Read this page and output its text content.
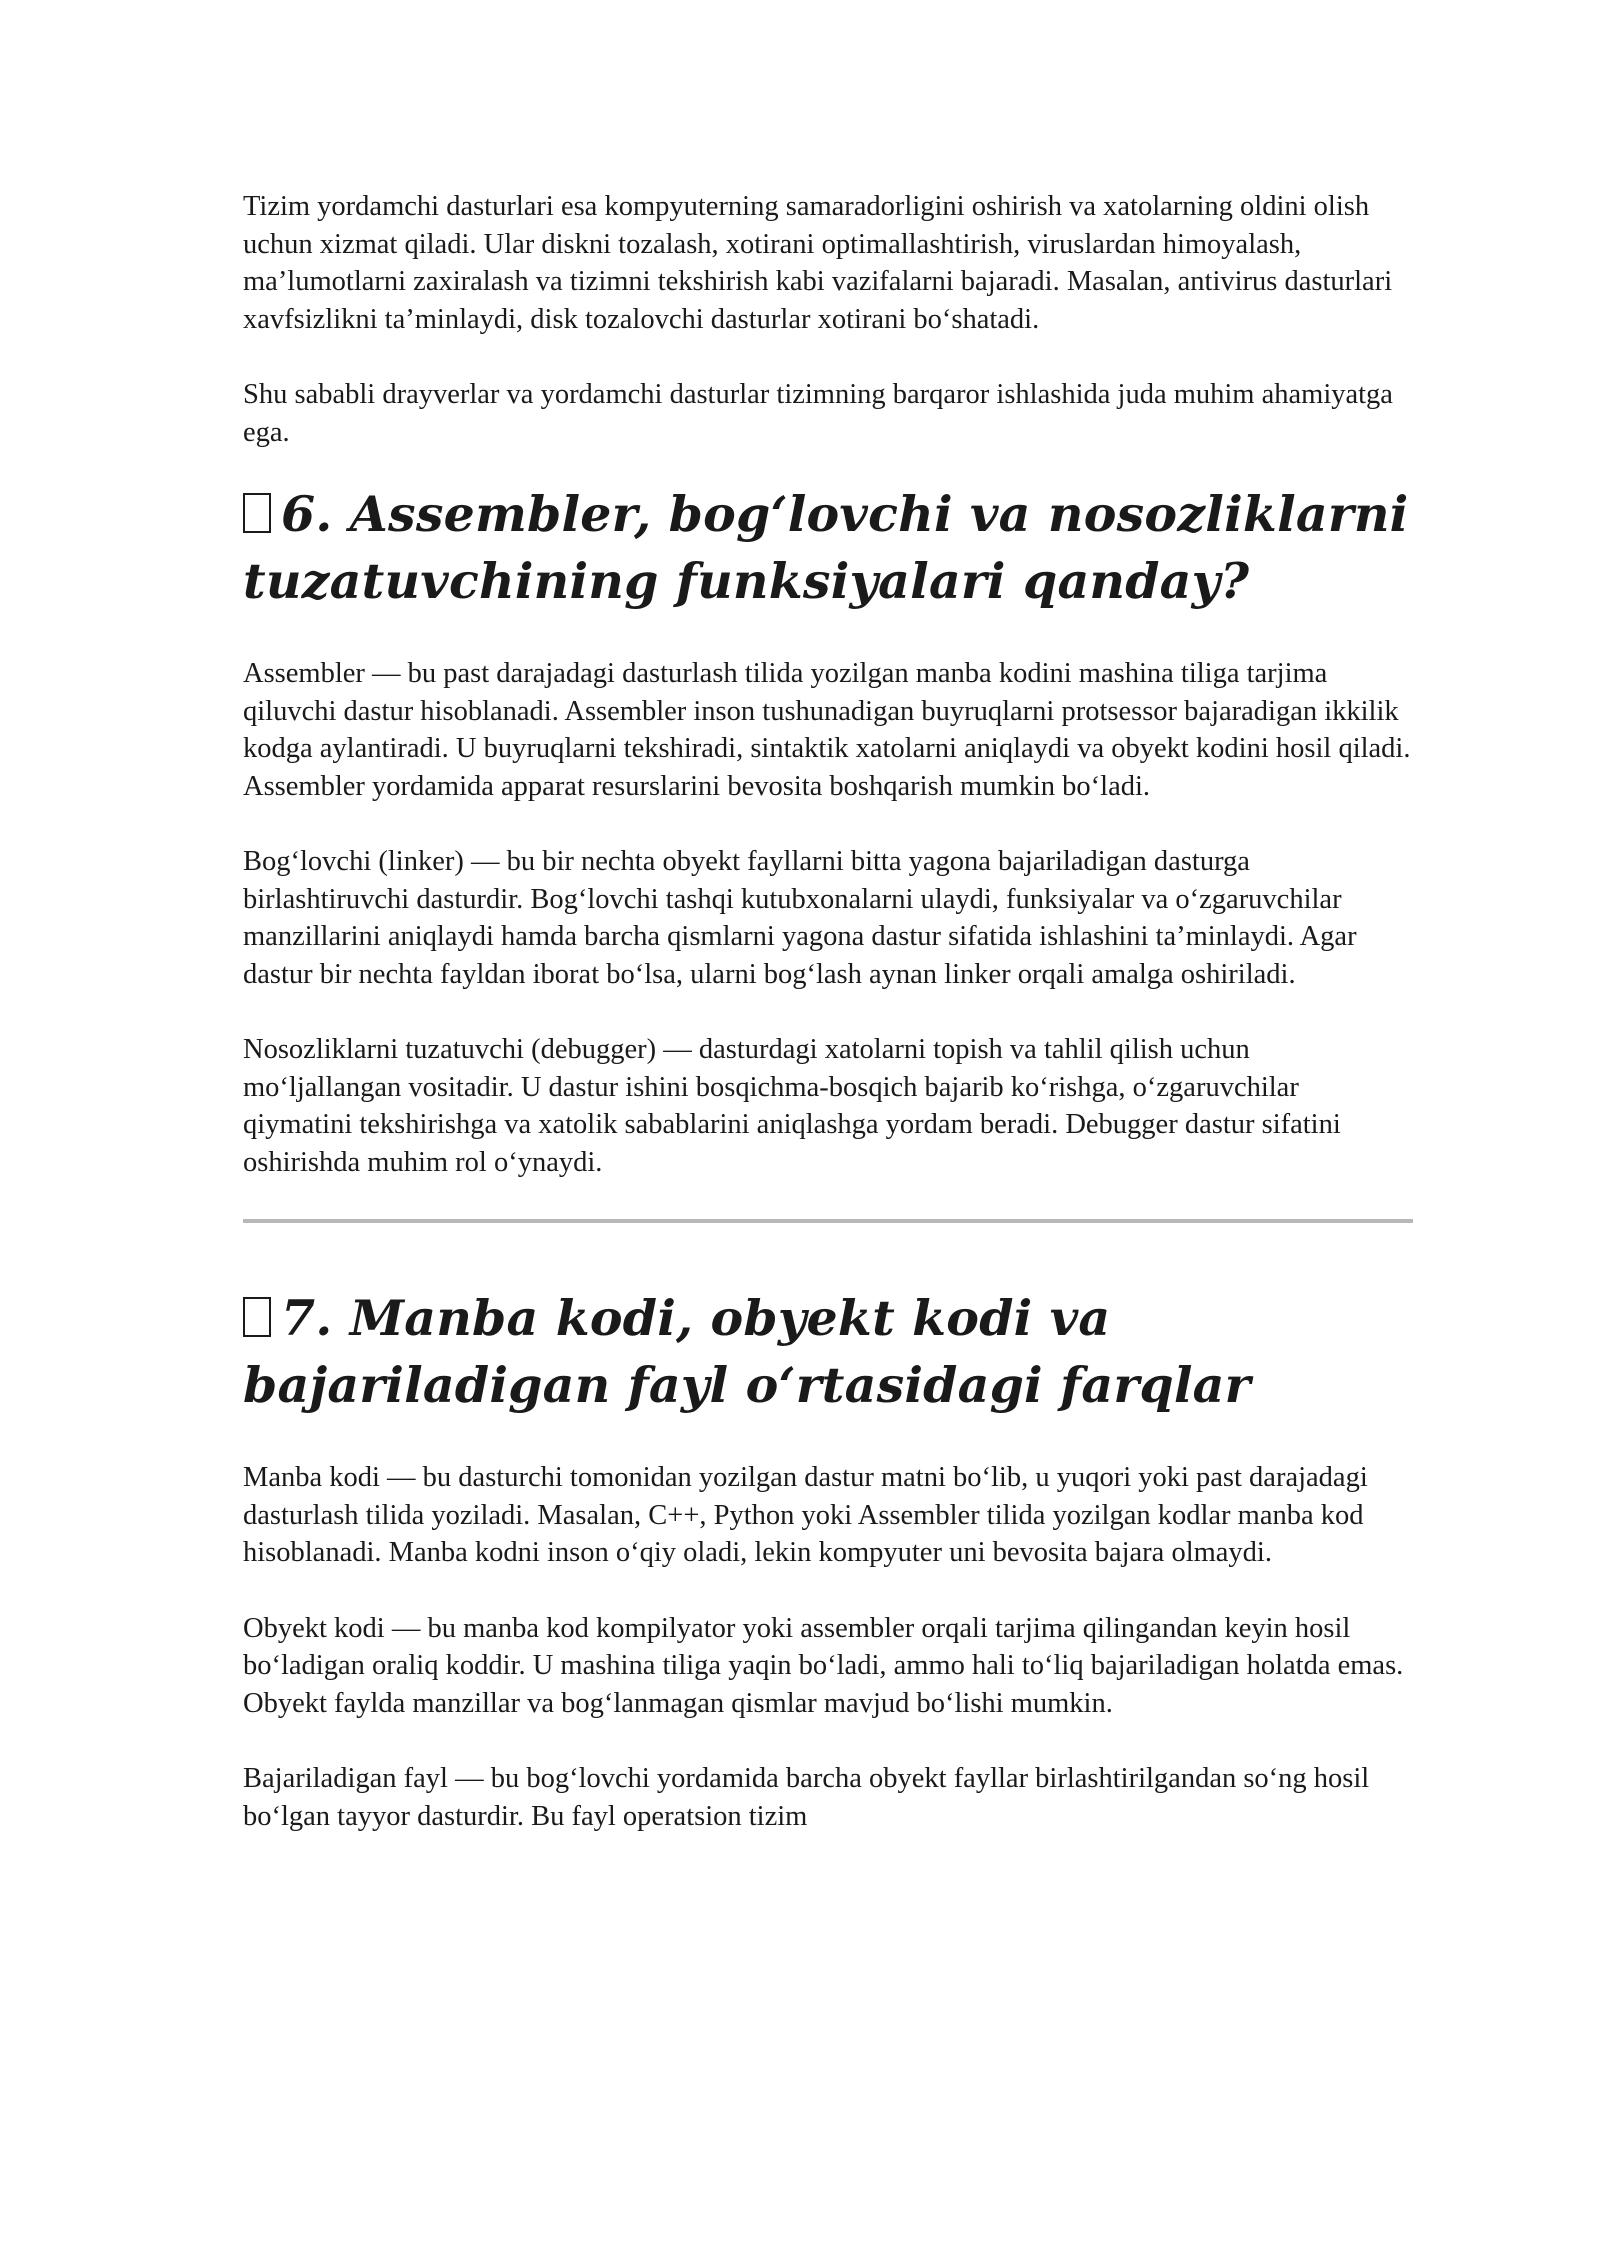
Tizim yordamchi dasturlari esa kompyuterning samaradorligini oshirish va xatolarning oldini olish uchun xizmat qiladi. Ular diskni tozalash, xotirani optimallashtirish, viruslardan himoyalash, ma’lumotlarni zaxiralash va tizimni tekshirish kabi vazifalarni bajaradi. Masalan, antivirus dasturlari xavfsizlikni ta’minlaydi, disk tozalovchi dasturlar xotirani bo‘shatadi.

Shu sababli drayverlar va yordamchi dasturlar tizimning barqaror ishlashida juda muhim ahamiyatga ega.

6. Assembler, bog‘lovchi va nosozliklarni
tuzatuvchining funksiyalari qanday?

Assembler — bu past darajadagi dasturlash tilida yozilgan manba kodini mashina tiliga tarjima qiluvchi dastur hisoblanadi. Assembler inson tushunadigan buyruqlarni protsessor bajaradigan ikkilik kodga aylantiradi. U buyruqlarni tekshiradi, sintaktik xatolarni aniqlaydi va obyekt kodini hosil qiladi. Assembler yordamida apparat resurslarini bevosita boshqarish mumkin bo‘ladi.

Bog‘lovchi (linker) — bu bir nechta obyekt fayllarni bitta yagona bajariladigan dasturga birlashtiruvchi dasturdir. Bog‘lovchi tashqi kutubxonalarni ulaydi, funksiyalar va o‘zgaruvchilar manzillarini aniqlaydi hamda barcha qismlarni yagona dastur sifatida ishlashini ta’minlaydi. Agar dastur bir nechta fayldan iborat bo‘lsa, ularni bog‘lash aynan linker orqali amalga oshiriladi.

Nosozliklarni tuzatuvchi (debugger) — dasturdagi xatolarni topish va tahlil qilish uchun mo‘ljallangan vositadir. U dastur ishini bosqichma-bosqich bajarib ko‘rishga, o‘zgaruvchilar qiymatini tekshirishga va xatolik sabablarini aniqlashga yordam beradi. Debugger dastur sifatini oshirishda muhim rol o‘ynaydi.

7. Manba kodi, obyekt kodi va
bajariladigan fayl o‘rtasidagi farqlar

Manba kodi — bu dasturchi tomonidan yozilgan dastur matni bo‘lib, u yuqori yoki past darajadagi dasturlash tilida yoziladi. Masalan, C++, Python yoki Assembler tilida yozilgan kodlar manba kod hisoblanadi. Manba kodni inson o‘qiy oladi, lekin kompyuter uni bevosita bajara olmaydi.

Obyekt kodi — bu manba kod kompilyator yoki assembler orqali tarjima qilingandan keyin hosil bo‘ladigan oraliq koddir. U mashina tiliga yaqin bo‘ladi, ammo hali to‘liq bajariladigan holatda emas. Obyekt faylda manzillar va bog‘lanmagan qismlar mavjud bo‘lishi mumkin.

Bajariladigan fayl — bu bog‘lovchi yordamida barcha obyekt fayllar birlashtirilgandan so‘ng hosil bo‘lgan tayyor dasturdir. Bu fayl operatsion tizim
